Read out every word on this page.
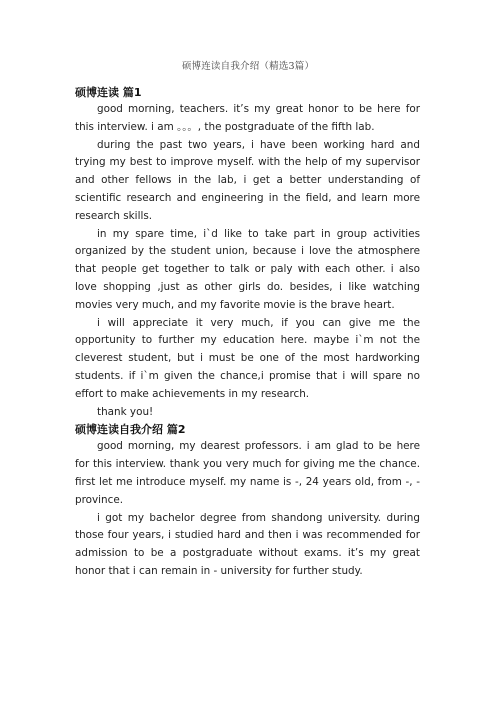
硕博连读自我介绍（精选3篇）
硕博连读 篇1

good morning, teachers. it’s my great honor to be here for this interview. i am 。。。, the postgraduate of the fifth lab.

during the past two years, i have been working hard and trying my best to improve myself. with the help of my supervisor and other fellows in the lab, i get a better understanding of scientific research and engineering in the field, and learn more research skills.

in my spare time, i`d like to take part in group activities organized by the student union, because i love the atmosphere that people get together to talk or paly with each other. i also love shopping ,just as other girls do. besides, i like watching movies very much, and my favorite movie is the brave heart.

i will appreciate it very much, if you can give me the opportunity to further my education here. maybe i`m not the cleverest student, but i must be one of the most hardworking students. if i`m given the chance,i promise that i will spare no effort to make achievements in my research.

thank you!

硕博连读自我介绍 篇2

good morning, my dearest professors. i am glad to be here for this interview. thank you very much for giving me the chance. first let me introduce myself. my name is -, 24 years old, from -, -province.

i got my bachelor degree from shandong university. during those four years, i studied hard and then i was recommended for admission to be a postgraduate without exams. it’s my great honor that i can remain in - university for further study.
